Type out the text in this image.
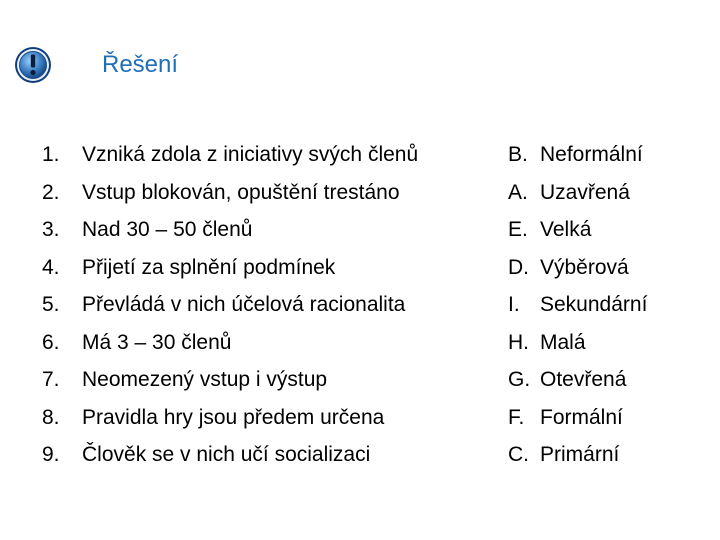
Řešení
1. Vzniká zdola z iniciativy svých členů
2. Vstup blokován, opuštění trestáno
3. Nad 30 – 50 členů
4. Přijetí za splnění podmínek
5. Převládá v nich účelová racionalita
6. Má 3 – 30 členů
7. Neomezený vstup i výstup
8. Pravidla hry jsou předem určena
9. Člověk se v nich učí socializaci
B. Neformální
A. Uzavřená
E. Velká
D. Výběrová
I. Sekundární
H. Malá
G. Otevřená
F. Formální
C. Primární
